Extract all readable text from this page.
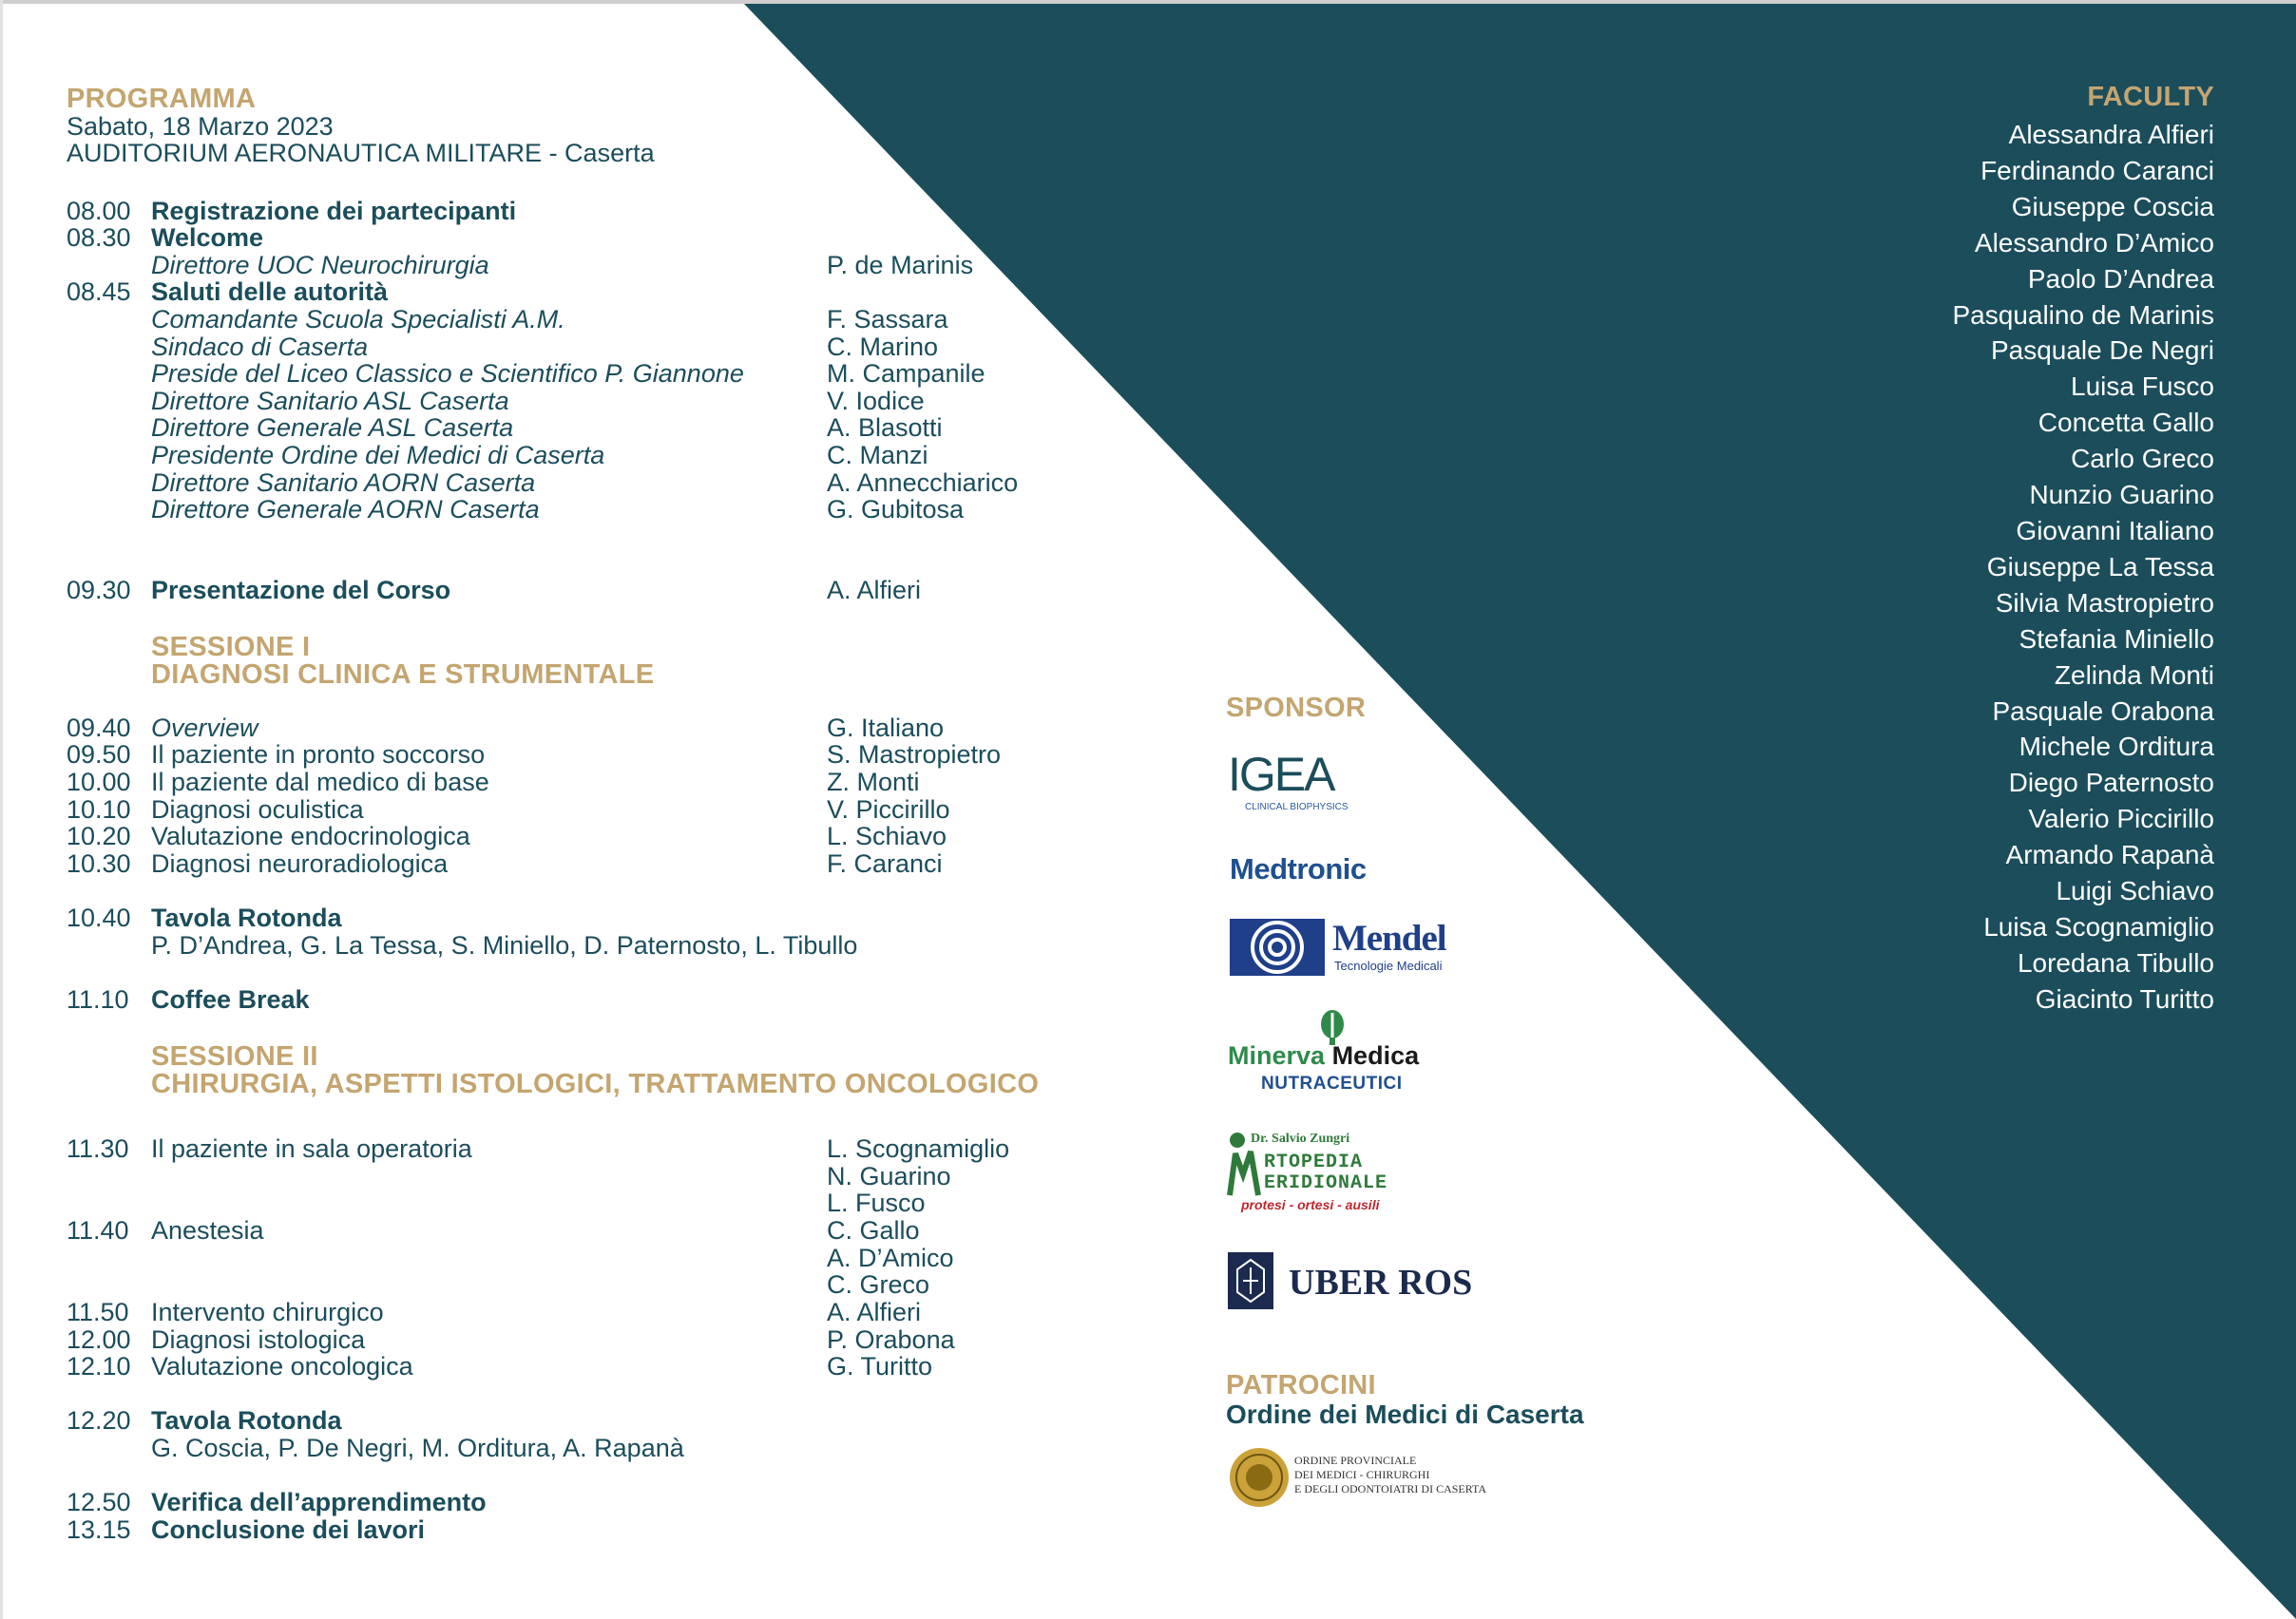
PROGRAMMA
Sabato, 18 Marzo 2023
AUDITORIUM AERONAUTICA MILITARE - Caserta
08.00 Registrazione dei partecipanti
08.30 Welcome
Direttore UOC Neurochirurgia	P. de Marinis
08.45 Saluti delle autorità
Comandante Scuola Specialisti A.M.	F. Sassara
Sindaco di Caserta	C. Marino
Preside del Liceo Classico e Scientifico P. Giannone	M. Campanile
Direttore Sanitario ASL Caserta	V. Iodice
Direttore Generale ASL Caserta	A. Blasotti
Presidente Ordine dei Medici di Caserta	C. Manzi
Direttore Sanitario AORN Caserta	A. Annecchiarico
Direttore Generale AORN Caserta	G. Gubitosa
09.30 Presentazione del Corso	A. Alfieri
09.40 Overview	G. Italiano
09.50 Il paziente in pronto soccorso	S. Mastropietro
10.00 Il paziente dal medico di base	Z. Monti
10.10 Diagnosi oculistica	V. Piccirillo
10.20 Valutazione endocrinologica	L. Schiavo
10.30 Diagnosi neuroradiologica	F. Caranci
10.40 Tavola Rotonda
P. D’Andrea, G. La Tessa, S. Miniello, D. Paternosto, L. Tibullo
11.10 Coffee Break
11.30 Il paziente in sala operatoria	L. Scognamiglio
N. Guarino
L. Fusco
11.40 Anestesia	C. Gallo
A. D’Amico
C. Greco
11.50 Intervento chirurgico	A. Alfieri
12.00 Diagnosi istologica	P. Orabona
12.10 Valutazione oncologica	G. Turitto
12.20 Tavola Rotonda
G. Coscia, P. De Negri, M. Orditura, A. Rapanà
12.50 Verifica dell’apprendimento
13.15 Conclusione dei lavori
SESSIONE I
DIAGNOSI CLINICA E STRUMENTALE
SESSIONE II
CHIRURGIA, ASPETTI ISTOLOGICI, TRATTAMENTO ONCOLOGICO
FACULTY
Alessandra Alfieri
Ferdinando Caranci
Giuseppe Coscia
Alessandro D’Amico
Paolo D’Andrea
Pasqualino de Marinis
Pasquale De Negri
Luisa Fusco
Concetta Gallo
Carlo Greco
Nunzio Guarino
Giovanni Italiano
Giuseppe La Tessa
Silvia Mastropietro
Stefania Miniello
Zelinda Monti
Pasquale Orabona
Michele Orditura
Diego Paternosto
Valerio Piccirillo
Armando Rapanà
Luigi Schiavo
Luisa Scognamiglio
Loredana Tibullo
Giacinto Turitto
SPONSOR
IGEA
CLINICAL BIOPHYSICS
Medtronic
Mendel
Tecnologie Medicali
Minerva Medica
NUTRACEUTICI
Dr. Salvio Zungri
RTOPEDIA
ERIDIONALE
protesi - ortesi - ausili
UBER ROS
PATROCINI
Ordine dei Medici di Caserta
ORDINE PROVINCIALE
DEI MEDICI - CHIRURGHI
E DEGLI ODONTOIATRI DI CASERTA
